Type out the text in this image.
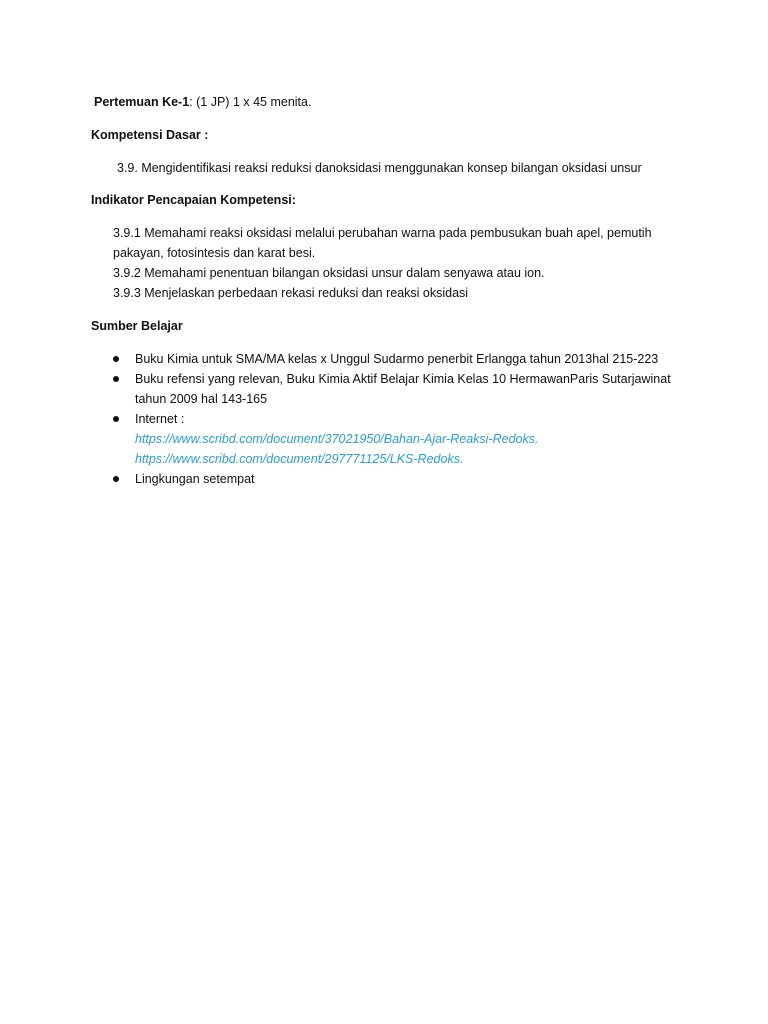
Pertemuan Ke-1: (1 JP) 1 x 45 menita.
Kompetensi Dasar :
3.9. Mengidentifikasi reaksi reduksi danoksidasi menggunakan konsep bilangan oksidasi unsur
Indikator Pencapaian Kompetensi:
3.9.1 Memahami reaksi oksidasi melalui perubahan warna pada pembusukan buah apel, pemutih
pakayan, fotosintesis dan karat besi.
3.9.2 Memahami penentuan bilangan oksidasi unsur dalam senyawa atau ion.
3.9.3 Menjelaskan perbedaan rekasi reduksi dan reaksi oksidasi
Sumber Belajar
Buku Kimia untuk SMA/MA kelas x Unggul Sudarmo penerbit Erlangga tahun 2013hal 215-223
Buku refensi yang relevan, Buku Kimia Aktif Belajar Kimia Kelas 10 HermawanParis Sutarjawinat
tahun 2009 hal 143-165
Internet :
https://www.scribd.com/document/37021950/Bahan-Ajar-Reaksi-Redoks.
https://www.scribd.com/document/297771125/LKS-Redoks.
Lingkungan setempat
